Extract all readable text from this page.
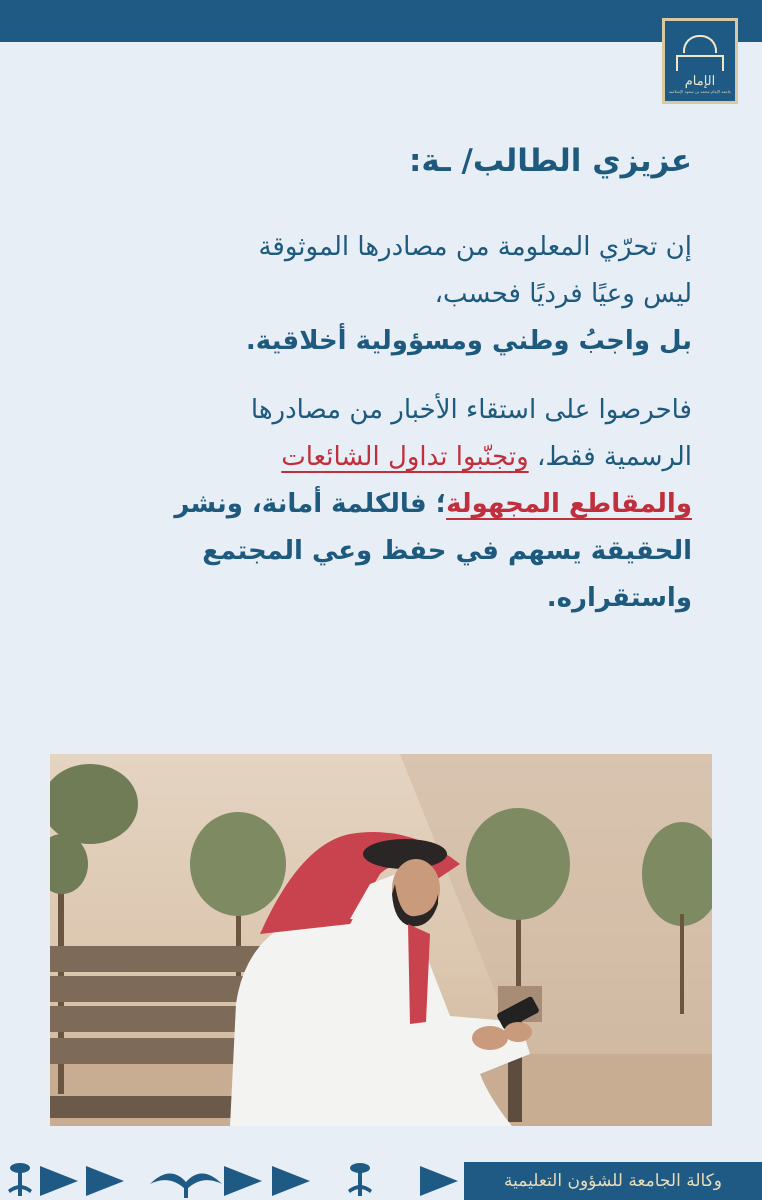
الإمام
جامعة الإمام محمد بن سعود الإسلامية
عزيزي الطالب/ ـة:

إن تحرّي المعلومة من مصادرها الموثوقة
ليس وعيًا فرديًا فحسب،
بل واجبُ وطني ومسؤولية أخلاقية.

فاحرصوا على استقاء الأخبار من مصادرها
الرسمية فقط، وتجنّبوا تداول الشائعات
والمقاطع المجهولة؛ فالكلمة أمانة، ونشر
الحقيقة يسهم في حفظ وعي المجتمع
واستقراره.

وكالة الجامعة للشؤون التعليمية
